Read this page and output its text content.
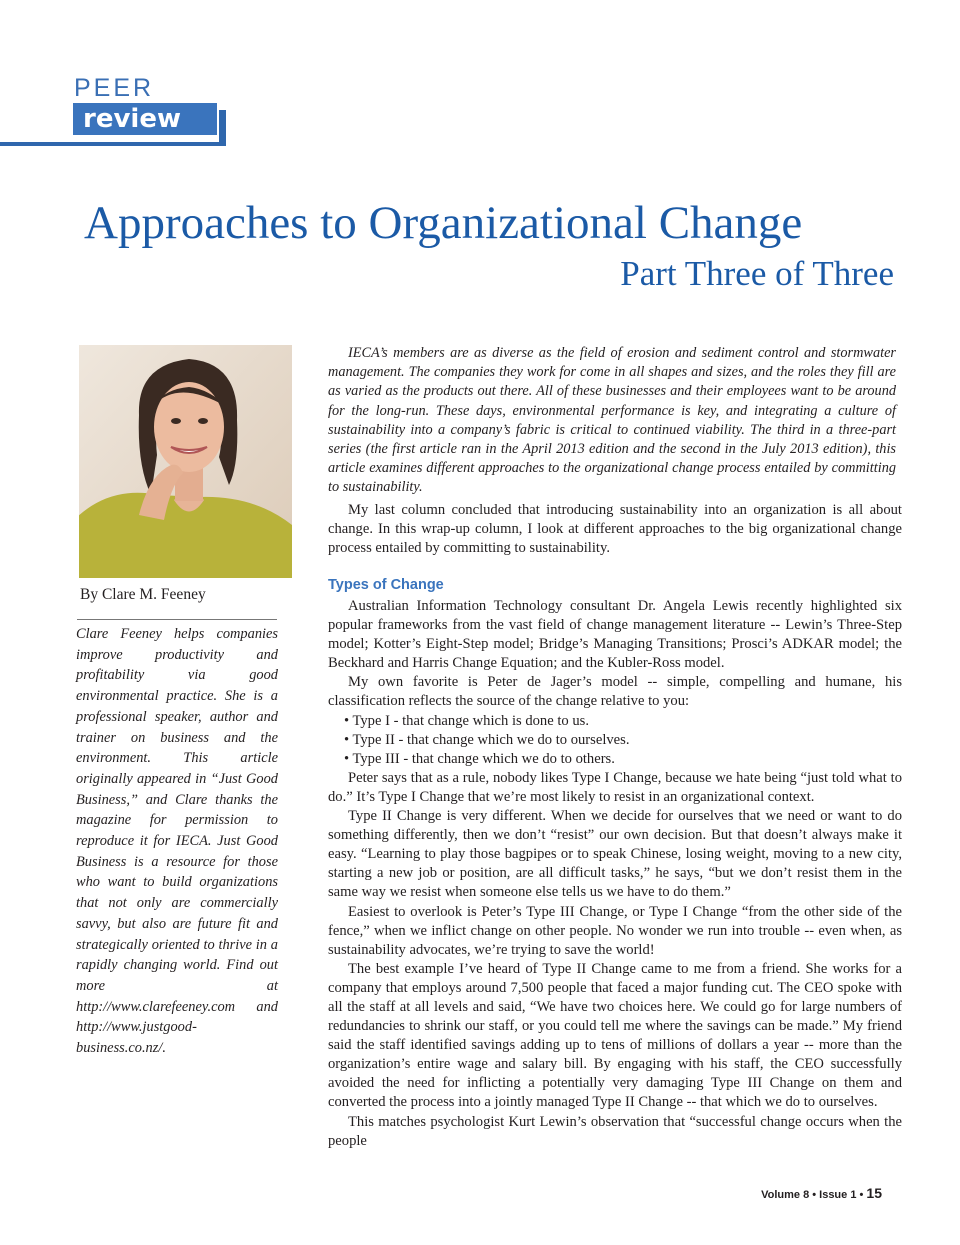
PEER
review
Approaches to Organizational Change
Part Three of Three
By Clare M. Feeney

Clare Feeney helps companies improve productivity and profitability via good environmental practice. She is a professional speaker, author and trainer on business and the environment. This article originally appeared in “Just Good Business,” and Clare thanks the magazine for permission to reproduce it for IECA. Just Good Business is a resource for those who want to build organizations that not only are commercially savvy, but also are future fit and strategically oriented to thrive in a rapidly changing world. Find out more at http://www.clarefeeney.com and http://www.justgood-business.co.nz/.

IECA’s members are as diverse as the field of erosion and sediment control and stormwater management. The companies they work for come in all shapes and sizes, and the roles they fill are as varied as the products out there. All of these businesses and their employees want to be around for the long-run. These days, environmental performance is key, and integrating a culture of sustainability into a company’s fabric is critical to continued viability. The third in a three-part series (the first article ran in the April 2013 edition and the second in the July 2013 edition), this article examines different approaches to the organizational change process entailed by committing to sustainability.

My last column concluded that introducing sustainability into an organization is all about change. In this wrap-up column, I look at different approaches to the big organizational change process entailed by committing to sustainability.

Types of Change

Australian Information Technology consultant Dr. Angela Lewis recently highlighted six popular frameworks from the vast field of change management literature -- Lewin’s Three-Step model; Kotter’s Eight-Step model; Bridge’s Managing Transitions; Prosci’s ADKAR model; the Beckhard and Harris Change Equation; and the Kubler-Ross model.

My own favorite is Peter de Jager’s model -- simple, compelling and humane, his classification reflects the source of the change relative to you:

• Type I - that change which is done to us.

• Type II - that change which we do to ourselves.

• Type III - that change which we do to others.

Peter says that as a rule, nobody likes Type I Change, because we hate being “just told what to do.” It’s Type I Change that we’re most likely to resist in an organizational context.

Type II Change is very different. When we decide for ourselves that we need or want to do something differently, then we don’t “resist” our own decision. But that doesn’t always make it easy. “Learning to play those bagpipes or to speak Chinese, losing weight, moving to a new city, starting a new job or position, are all difficult tasks,” he says, “but we don’t resist them in the same way we resist when someone else tells us we have to do them.”

Easiest to overlook is Peter’s Type III Change, or Type I Change “from the other side of the fence,” when we inflict change on other people. No wonder we run into trouble -- even when, as sustainability advocates, we’re trying to save the world!

The best example I’ve heard of Type II Change came to me from a friend. She works for a company that employs around 7,500 people that faced a major funding cut. The CEO spoke with all the staff at all levels and said, “We have two choices here. We could go for large numbers of redundancies to shrink our staff, or you could tell me where the savings can be made.” My friend said the staff identified savings adding up to tens of millions of dollars a year -- more than the organization’s entire wage and salary bill. By engaging with his staff, the CEO successfully avoided the need for inflicting a potentially very damaging Type III Change on them and converted the process into a jointly managed Type II Change -- that which we do to ourselves.

This matches psychologist Kurt Lewin’s observation that “successful change occurs when the people

Volume 8 • Issue 1 • 15
